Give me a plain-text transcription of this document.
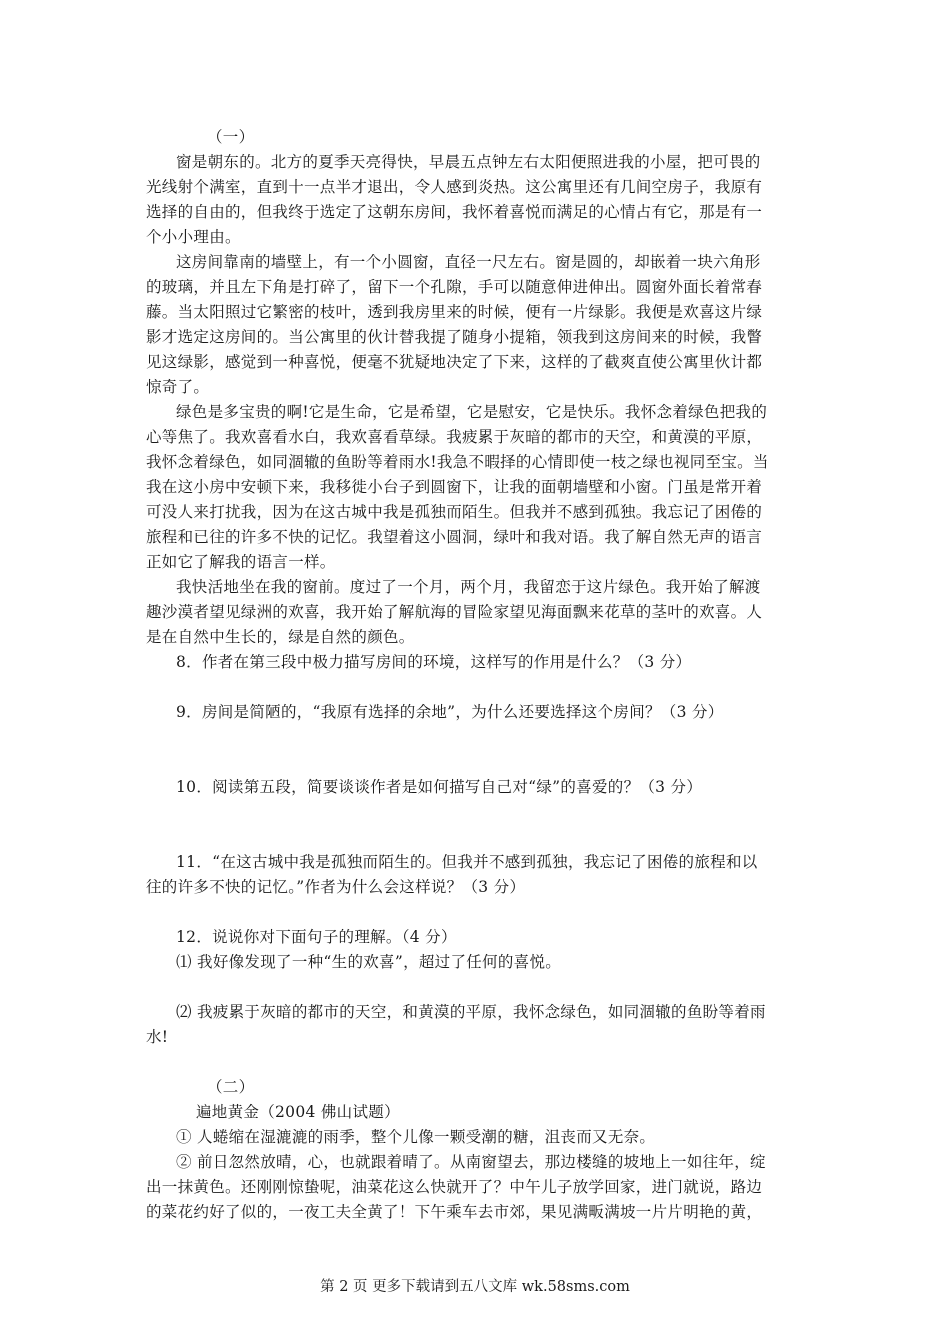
（一）
窗是朝东的。北方的夏季天亮得快，早晨五点钟左右太阳便照进我的小屋，把可畏的
光线射个满室，直到十一点半才退出，令人感到炎热。这公寓里还有几间空房子，我原有
选择的自由的，但我终于选定了这朝东房间，我怀着喜悦而满足的心情占有它，那是有一
个小小理由。
这房间靠南的墙壁上，有一个小圆窗，直径一尺左右。窗是圆的，却嵌着一块六角形
的玻璃，并且左下角是打碎了，留下一个孔隙，手可以随意伸进伸出。圆窗外面长着常春
藤。当太阳照过它繁密的枝叶，透到我房里来的时候，便有一片绿影。我便是欢喜这片绿
影才选定这房间的。当公寓里的伙计替我提了随身小提箱，领我到这房间来的时候，我瞥
见这绿影，感觉到一种喜悦，便毫不犹疑地决定了下来，这样的了截爽直使公寓里伙计都
惊奇了。
绿色是多宝贵的啊!它是生命，它是希望，它是慰安，它是快乐。我怀念着绿色把我的
心等焦了。我欢喜看水白，我欢喜看草绿。我疲累于灰暗的都市的天空，和黄漠的平原，
我怀念着绿色，如同涸辙的鱼盼等着雨水!我急不暇择的心情即使一枝之绿也视同至宝。当
我在这小房中安顿下来，我移徙小台子到圆窗下，让我的面朝墙壁和小窗。门虽是常开着
可没人来打扰我，因为在这古城中我是孤独而陌生。但我并不感到孤独。我忘记了困倦的
旅程和已往的许多不快的记忆。我望着这小圆洞，绿叶和我对语。我了解自然无声的语言
正如它了解我的语言一样。
我快活地坐在我的窗前。度过了一个月，两个月，我留恋于这片绿色。我开始了解渡
趣沙漠者望见绿洲的欢喜，我开始了解航海的冒险家望见海面飘来花草的茎叶的欢喜。人
是在自然中生长的，绿是自然的颜色。
8．作者在第三段中极力描写房间的环境，这样写的作用是什么？（3 分）
9．房间是简陋的，“我原有选择的余地”，为什么还要选择这个房间？（3 分）
10．阅读第五段，简要谈谈作者是如何描写自己对“绿”的喜爱的？（3 分）
11．“在这古城中我是孤独而陌生的。但我并不感到孤独，我忘记了困倦的旅程和以
往的许多不快的记忆。”作者为什么会这样说？（3 分）
12．说说你对下面句子的理解。（4 分）
⑴ 我好像发现了一种“生的欢喜”，超过了任何的喜悦。
⑵ 我疲累于灰暗的都市的天空，和黄漠的平原，我怀念绿色，如同涸辙的鱼盼等着雨
水!
（二）
遍地黄金（2004 佛山试题）
① 人蜷缩在湿漉漉的雨季，整个儿像一颗受潮的糖，沮丧而又无奈。
② 前日忽然放晴，心，也就跟着晴了。从南窗望去，那边楼缝的坡地上一如往年，绽
出一抹黄色。还刚刚惊蛰呢，油菜花这么快就开了？中午儿子放学回家，进门就说，路边
的菜花约好了似的，一夜工夫全黄了！下午乘车去市郊，果见满畈满坡一片片明艳的黄，
第 2 页 更多下载请到五八文库 wk.58sms.com
